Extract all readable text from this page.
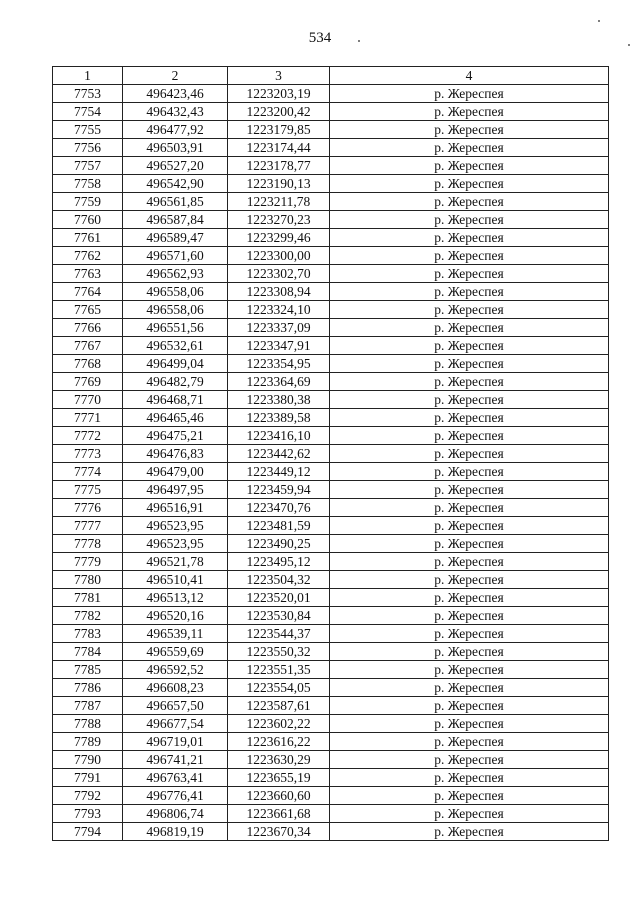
534
1	2	3	4
7753	496423,46	1223203,19	р. Жереспея
7754	496432,43	1223200,42	р. Жереспея
7755	496477,92	1223179,85	р. Жереспея
7756	496503,91	1223174,44	р. Жереспея
7757	496527,20	1223178,77	р. Жереспея
7758	496542,90	1223190,13	р. Жереспея
7759	496561,85	1223211,78	р. Жереспея
7760	496587,84	1223270,23	р. Жереспея
7761	496589,47	1223299,46	р. Жереспея
7762	496571,60	1223300,00	р. Жереспея
7763	496562,93	1223302,70	р. Жереспея
7764	496558,06	1223308,94	р. Жереспея
7765	496558,06	1223324,10	р. Жереспея
7766	496551,56	1223337,09	р. Жереспея
7767	496532,61	1223347,91	р. Жереспея
7768	496499,04	1223354,95	р. Жереспея
7769	496482,79	1223364,69	р. Жереспея
7770	496468,71	1223380,38	р. Жереспея
7771	496465,46	1223389,58	р. Жереспея
7772	496475,21	1223416,10	р. Жереспея
7773	496476,83	1223442,62	р. Жереспея
7774	496479,00	1223449,12	р. Жереспея
7775	496497,95	1223459,94	р. Жереспея
7776	496516,91	1223470,76	р. Жереспея
7777	496523,95	1223481,59	р. Жереспея
7778	496523,95	1223490,25	р. Жереспея
7779	496521,78	1223495,12	р. Жереспея
7780	496510,41	1223504,32	р. Жереспея
7781	496513,12	1223520,01	р. Жереспея
7782	496520,16	1223530,84	р. Жереспея
7783	496539,11	1223544,37	р. Жереспея
7784	496559,69	1223550,32	р. Жереспея
7785	496592,52	1223551,35	р. Жереспея
7786	496608,23	1223554,05	р. Жереспея
7787	496657,50	1223587,61	р. Жереспея
7788	496677,54	1223602,22	р. Жереспея
7789	496719,01	1223616,22	р. Жереспея
7790	496741,21	1223630,29	р. Жереспея
7791	496763,41	1223655,19	р. Жереспея
7792	496776,41	1223660,60	р. Жереспея
7793	496806,74	1223661,68	р. Жереспея
7794	496819,19	1223670,34	р. Жереспея
